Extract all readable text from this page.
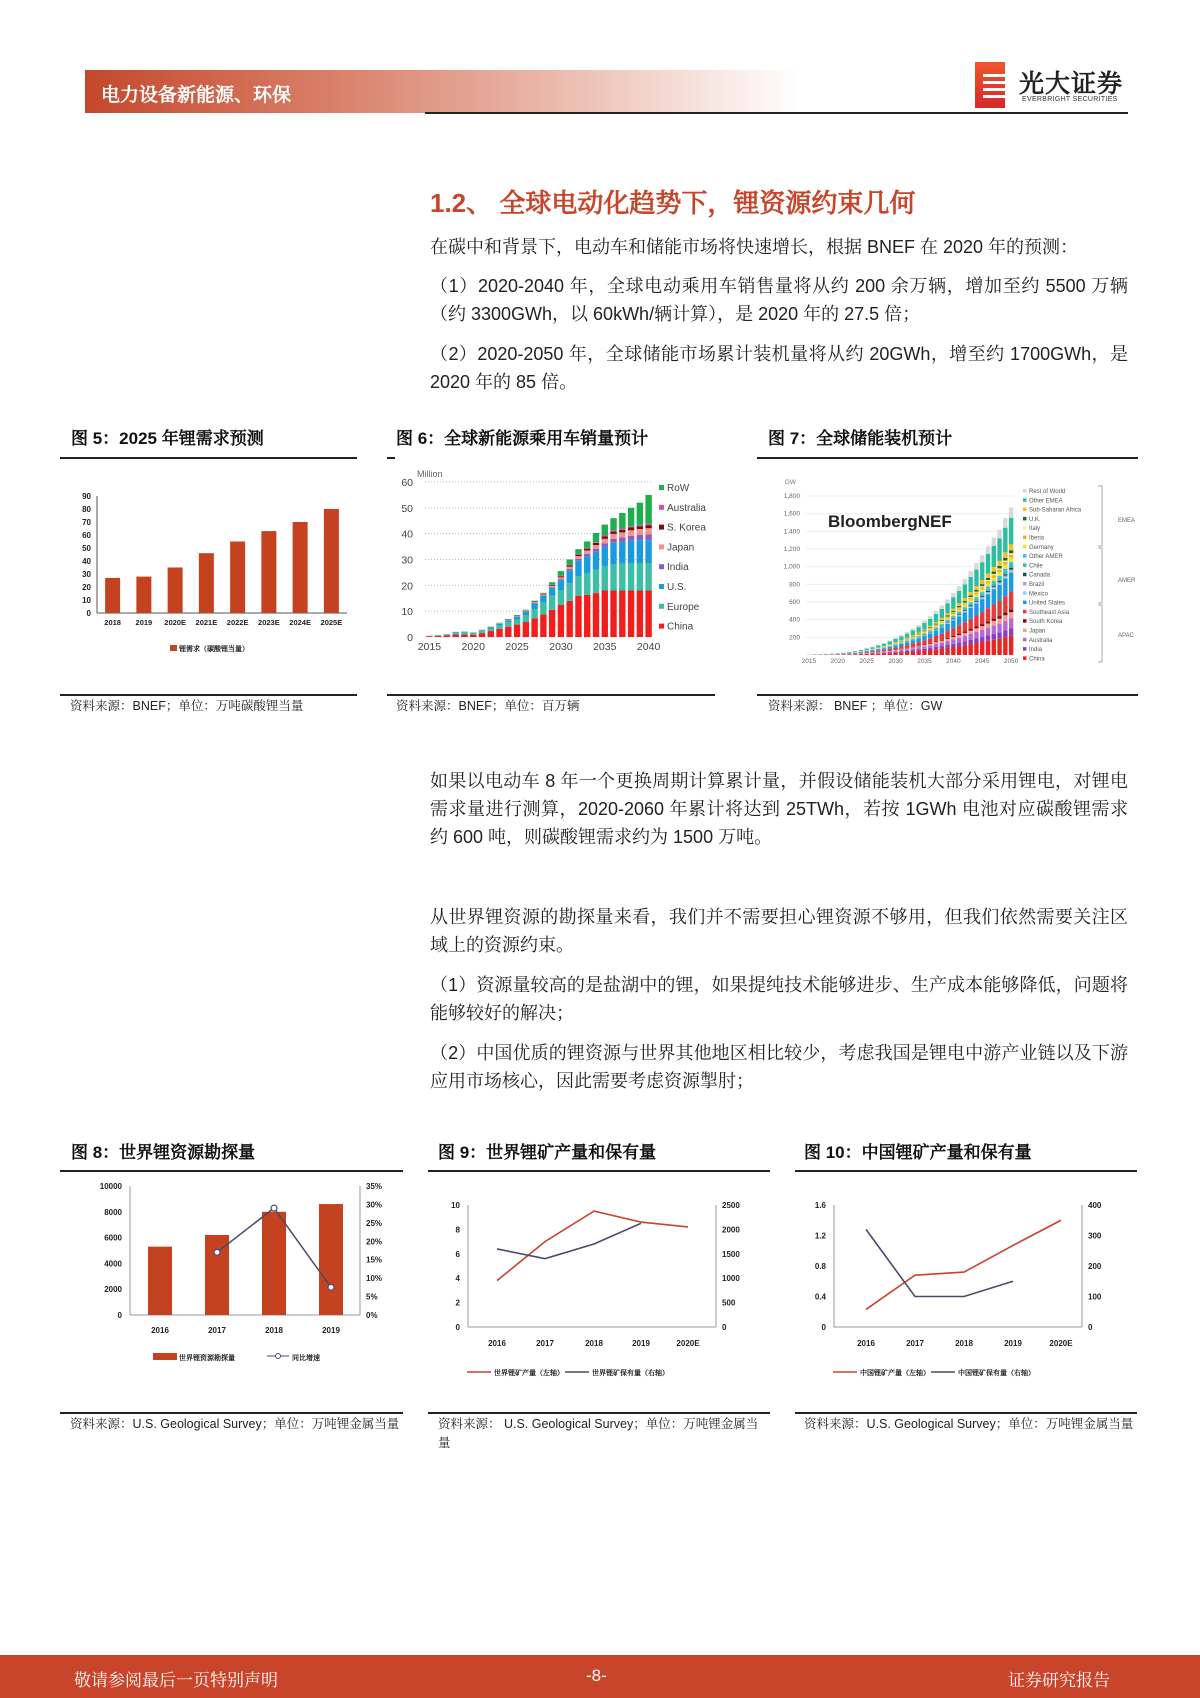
电力设备新能源、环保	光大证券
EVERBRIGHT SECURITIES
1.2、 全球电动化趋势下，锂资源约束几何
在碳中和背景下，电动车和储能市场将快速增长，根据 BNEF 在 2020 年的预测：
（1）2020-2040 年，全球电动乘用车销售量将从约 200 余万辆，增加至约 5500 万辆（约 3300GWh，以 60kWh/辆计算），是 2020 年的 27.5 倍；
（2）2020-2050 年，全球储能市场累计装机量将从约 20GWh，增至约 1700GWh，是 2020 年的 85 倍。
图 5：2025 年锂需求预测	图 6：全球新能源乘用车销量预计	图 7：全球储能装机预计
0
10
20
30
40
50
60
70
80
90
2018 2019 2020E 2021E 2022E 2023E 2024E 2025E
锂需求（碳酸锂当量）
Million
0
10
20
30
40
50
60
2015 2020 2025 2030 2035 2040
RoW
Australia
S. Korea
Japan
India
U.S.
Europe
China
GW
200
400
600
800
1,000
1,200
1,400
1,600
1,800
BloombergNEF
2015 2020 2025 2030 2035 2040 2045 2050
Rest of World
Other EMEA
Sub-Saharan Africa
U.K.
Italy
Iberia
Germany
Other AMER
Chile
Canada
Brazil
Mexico
United States
Southeast Asia
South Korea
Japan
Australia
India
China
EMEA
AMER
APAC
资料来源：BNEF；单位：万吨碳酸锂当量	资料来源：BNEF；单位：百万辆	资料来源： BNEF ；单位：GW
如果以电动车 8 年一个更换周期计算累计量，并假设储能装机大部分采用锂电，对锂电需求量进行测算，2020-2060 年累计将达到 25TWh，若按 1GWh 电池对应碳酸锂需求约 600 吨，则碳酸锂需求约为 1500 万吨。
从世界锂资源的勘探量来看，我们并不需要担心锂资源不够用，但我们依然需要关注区域上的资源约束。
（1）资源量较高的是盐湖中的锂，如果提纯技术能够进步、生产成本能够降低，问题将能够较好的解决；
（2）中国优质的锂资源与世界其他地区相比较少，考虑我国是锂电中游产业链以及下游应用市场核心，因此需要考虑资源掣肘；
图 8：世界锂资源勘探量	图 9：世界锂矿产量和保有量	图 10：中国锂矿产量和保有量
0
2000
4000
6000
8000
10000
0%
5%
10%
15%
20%
25%
30%
35%
2016	2017	2018	2019
世界锂资源勘探量	同比增速
0
2
4
6
8
10
0
500
1000
1500
2000
2500
2016	2017	2018	2019	2020E
世界锂矿产量（左轴）	世界锂矿保有量（右轴）
0
0.4
0.8
1.2
1.6
0
100
200
300
400
2016	2017	2018	2019	2020E
中国锂矿产量（左轴）	中国锂矿保有量（右轴）
资料来源：U.S. Geological Survey；单位：万吨锂金属当量	资料来源： U.S. Geological Survey；单位：万吨锂金属当量
资料来源：U.S. Geological Survey；单位：万吨锂金属当量
敬请参阅最后一页特别声明	-8-	证券研究报告
